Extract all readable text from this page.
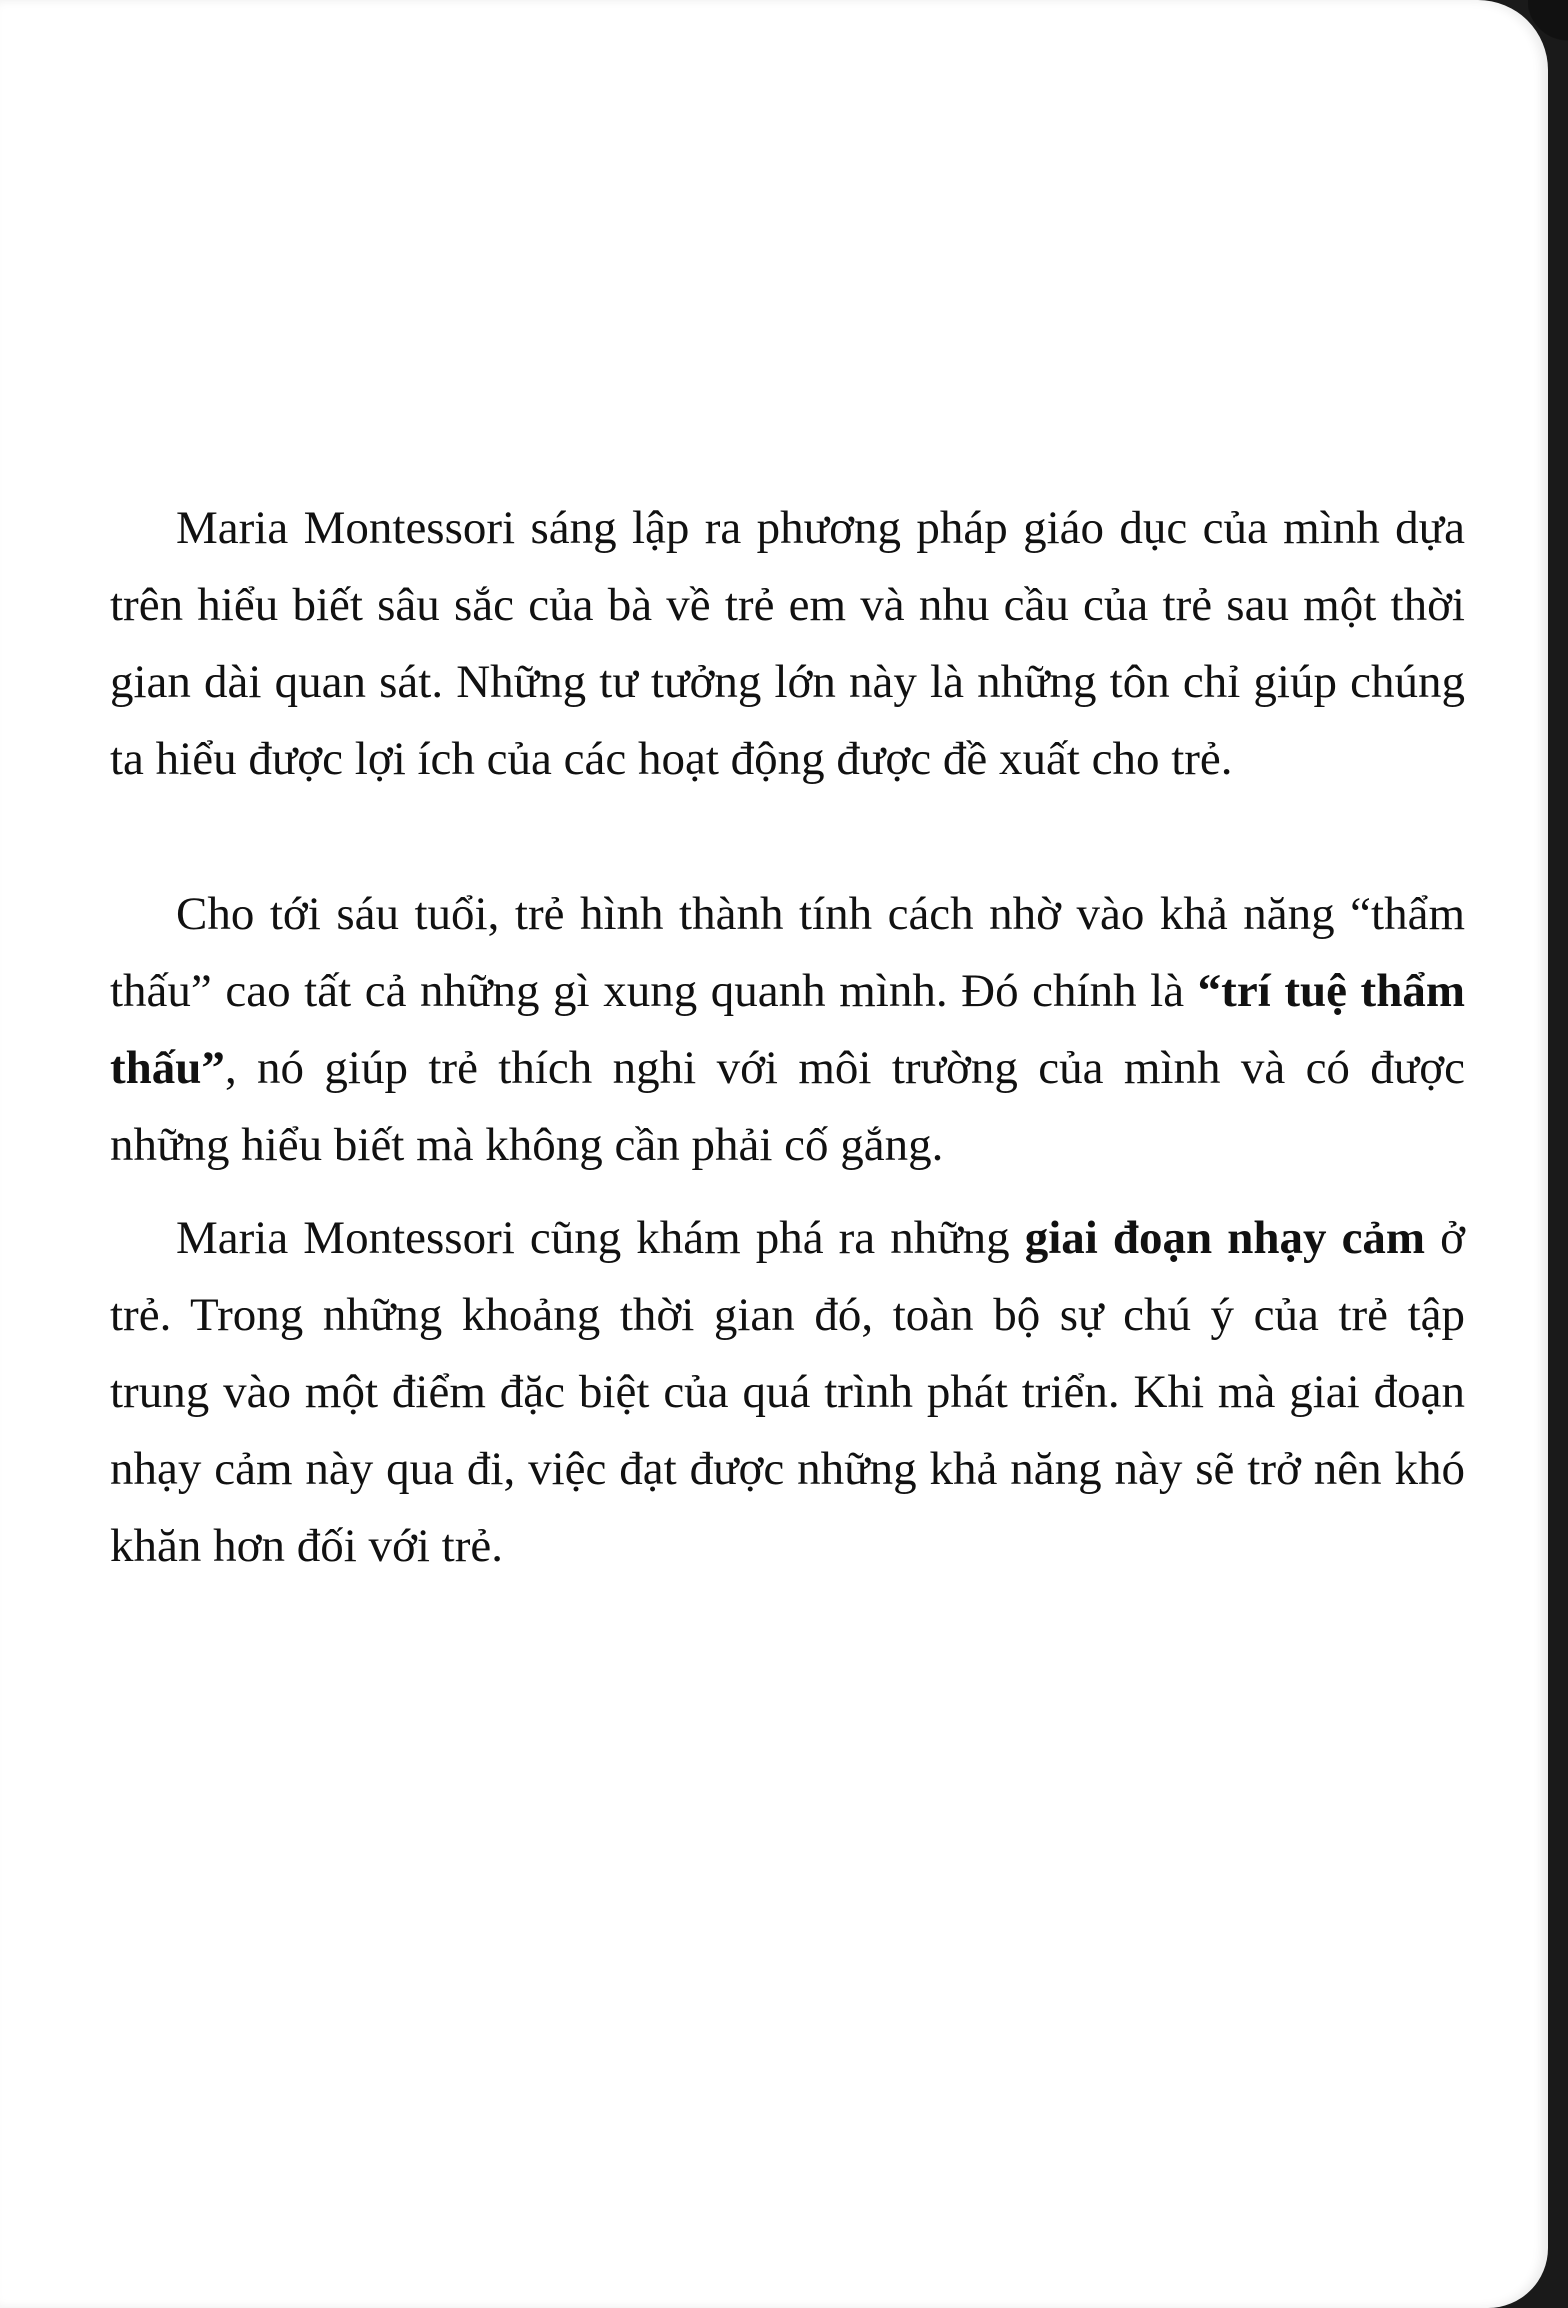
Maria Montessori sáng lập ra phương pháp giáo dục của mình dựa trên hiểu biết sâu sắc của bà về trẻ em và nhu cầu của trẻ sau một thời gian dài quan sát. Những tư tưởng lớn này là những tôn chỉ giúp chúng ta hiểu được lợi ích của các hoạt động được đề xuất cho trẻ.

Cho tới sáu tuổi, trẻ hình thành tính cách nhờ vào khả năng “thẩm thấu” cao tất cả những gì xung quanh mình. Đó chính là “trí tuệ thẩm thấu”, nó giúp trẻ thích nghi với môi trường của mình và có được những hiểu biết mà không cần phải cố gắng.

Maria Montessori cũng khám phá ra những giai đoạn nhạy cảm ở trẻ. Trong những khoảng thời gian đó, toàn bộ sự chú ý của trẻ tập trung vào một điểm đặc biệt của quá trình phát triển. Khi mà giai đoạn nhạy cảm này qua đi, việc đạt được những khả năng này sẽ trở nên khó khăn hơn đối với trẻ.
